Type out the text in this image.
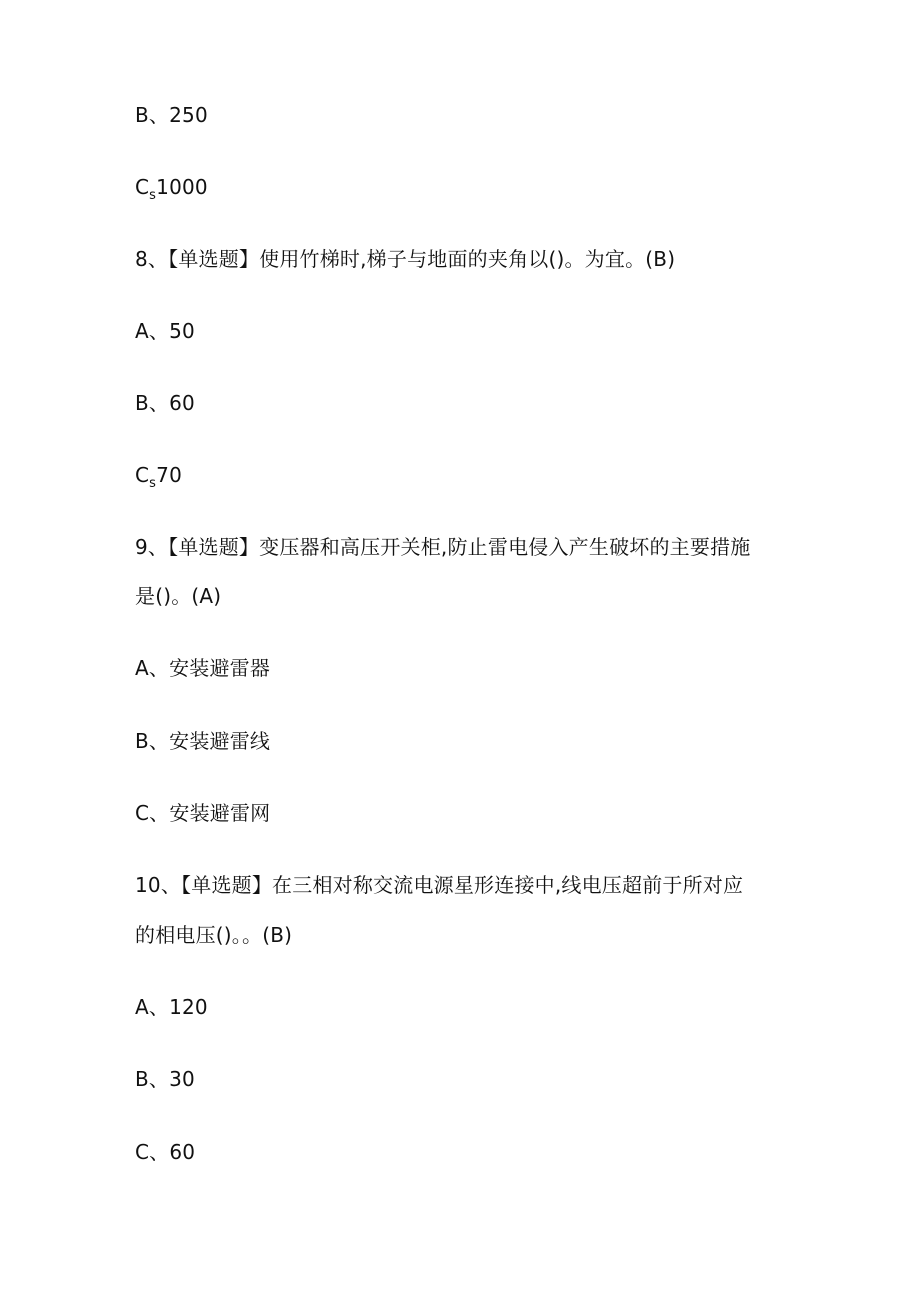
B、250
$C_s1000$
8、【单选题】使用竹梯时,梯子与地面的夹角以()。为宜。(B)
A、50
B、60
$C_s70$
9、【单选题】变压器和高压开关柜,防止雷电侵入产生破坏的主要措施
是()。(A)
A、安装避雷器
B、安装避雷线
C、安装避雷网
10、【单选题】在三相对称交流电源星形连接中,线电压超前于所对应
的相电压()。。(B)
A、120
B、30
C、60
